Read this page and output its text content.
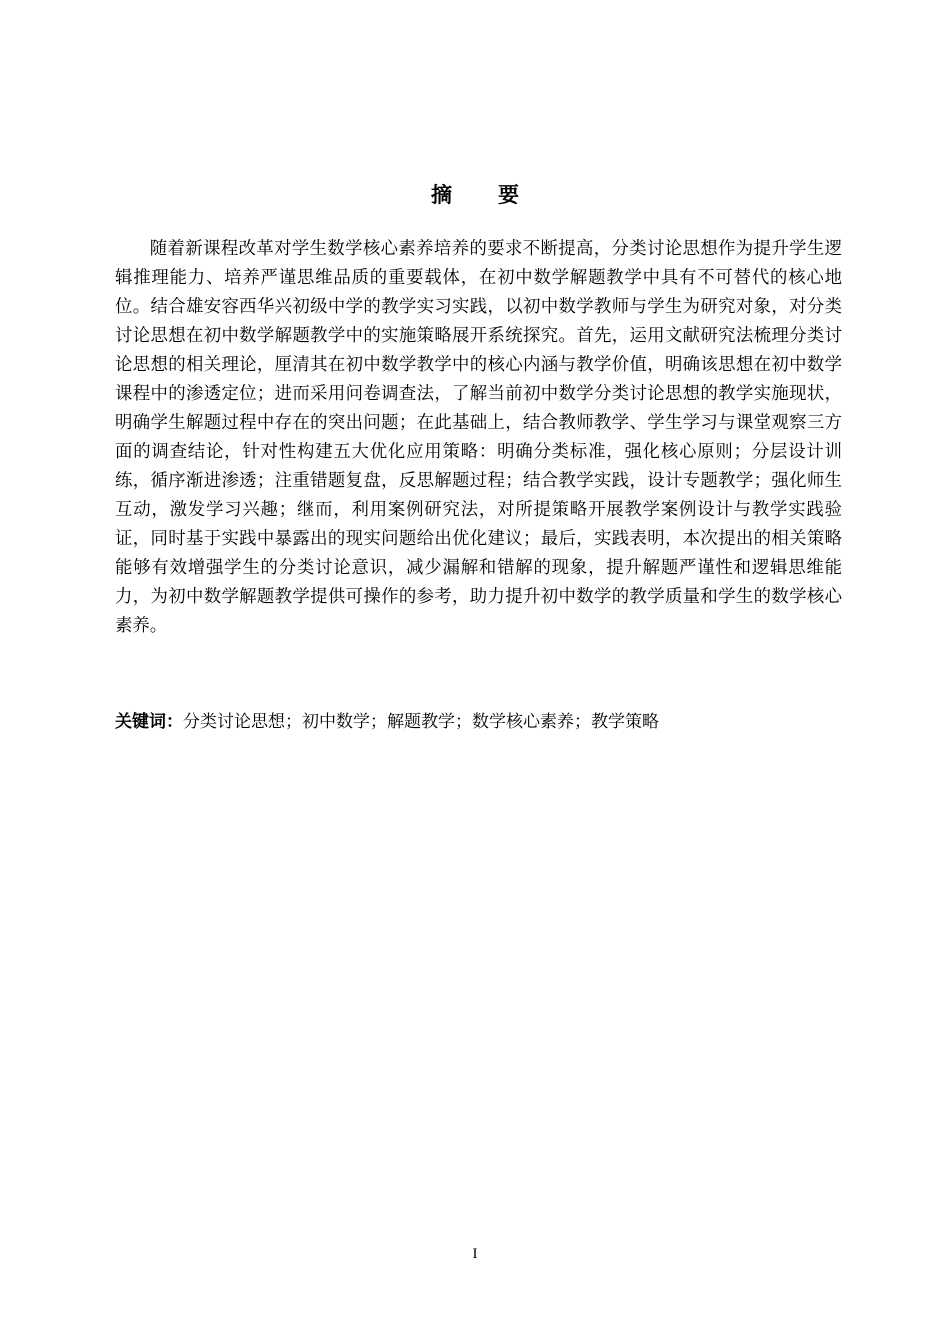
摘 要

随着新课程改革对学生数学核心素养培养的要求不断提高，分类讨论思想作为提升学生逻辑推理能力、培养严谨思维品质的重要载体，在初中数学解题教学中具有不可替代的核心地位。结合雄安容西华兴初级中学的教学实习实践，以初中数学教师与学生为研究对象，对分类讨论思想在初中数学解题教学中的实施策略展开系统探究。首先，运用文献研究法梳理分类讨论思想的相关理论，厘清其在初中数学教学中的核心内涵与教学价值，明确该思想在初中数学课程中的渗透定位；进而采用问卷调查法，了解当前初中数学分类讨论思想的教学实施现状，明确学生解题过程中存在的突出问题；在此基础上，结合教师教学、学生学习与课堂观察三方面的调查结论，针对性构建五大优化应用策略：明确分类标准，强化核心原则；分层设计训练，循序渐进渗透；注重错题复盘，反思解题过程；结合教学实践，设计专题教学；强化师生互动，激发学习兴趣；继而，利用案例研究法，对所提策略开展教学案例设计与教学实践验证，同时基于实践中暴露出的现实问题给出优化建议；最后，实践表明，本次提出的相关策略能够有效增强学生的分类讨论意识，减少漏解和错解的现象，提升解题严谨性和逻辑思维能力，为初中数学解题教学提供可操作的参考，助力提升初中数学的教学质量和学生的数学核心素养。

关键词：分类讨论思想；初中数学；解题教学；数学核心素养；教学策略

I
